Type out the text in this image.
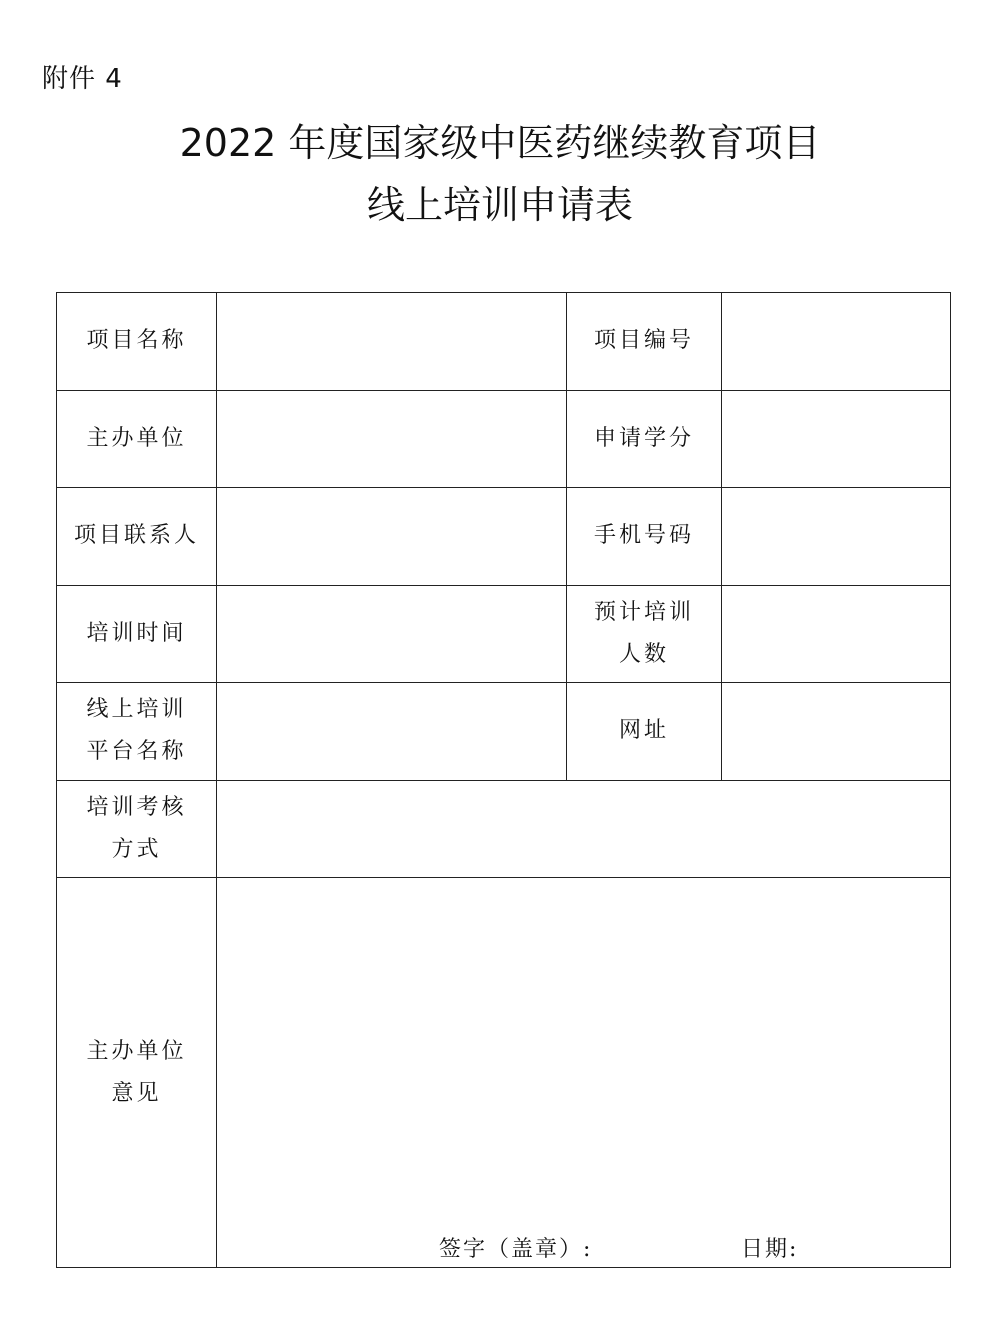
附件 4
2022 年度国家级中医药继续教育项目
线上培训申请表
项目名称		项目编号	
主办单位		申请学分	
项目联系人		手机号码	
培训时间		预计培训
人数	

线上培训
平台名称		网址	

培训考核
方式			

主办单位
意见	签字（盖章）: 日期:		
